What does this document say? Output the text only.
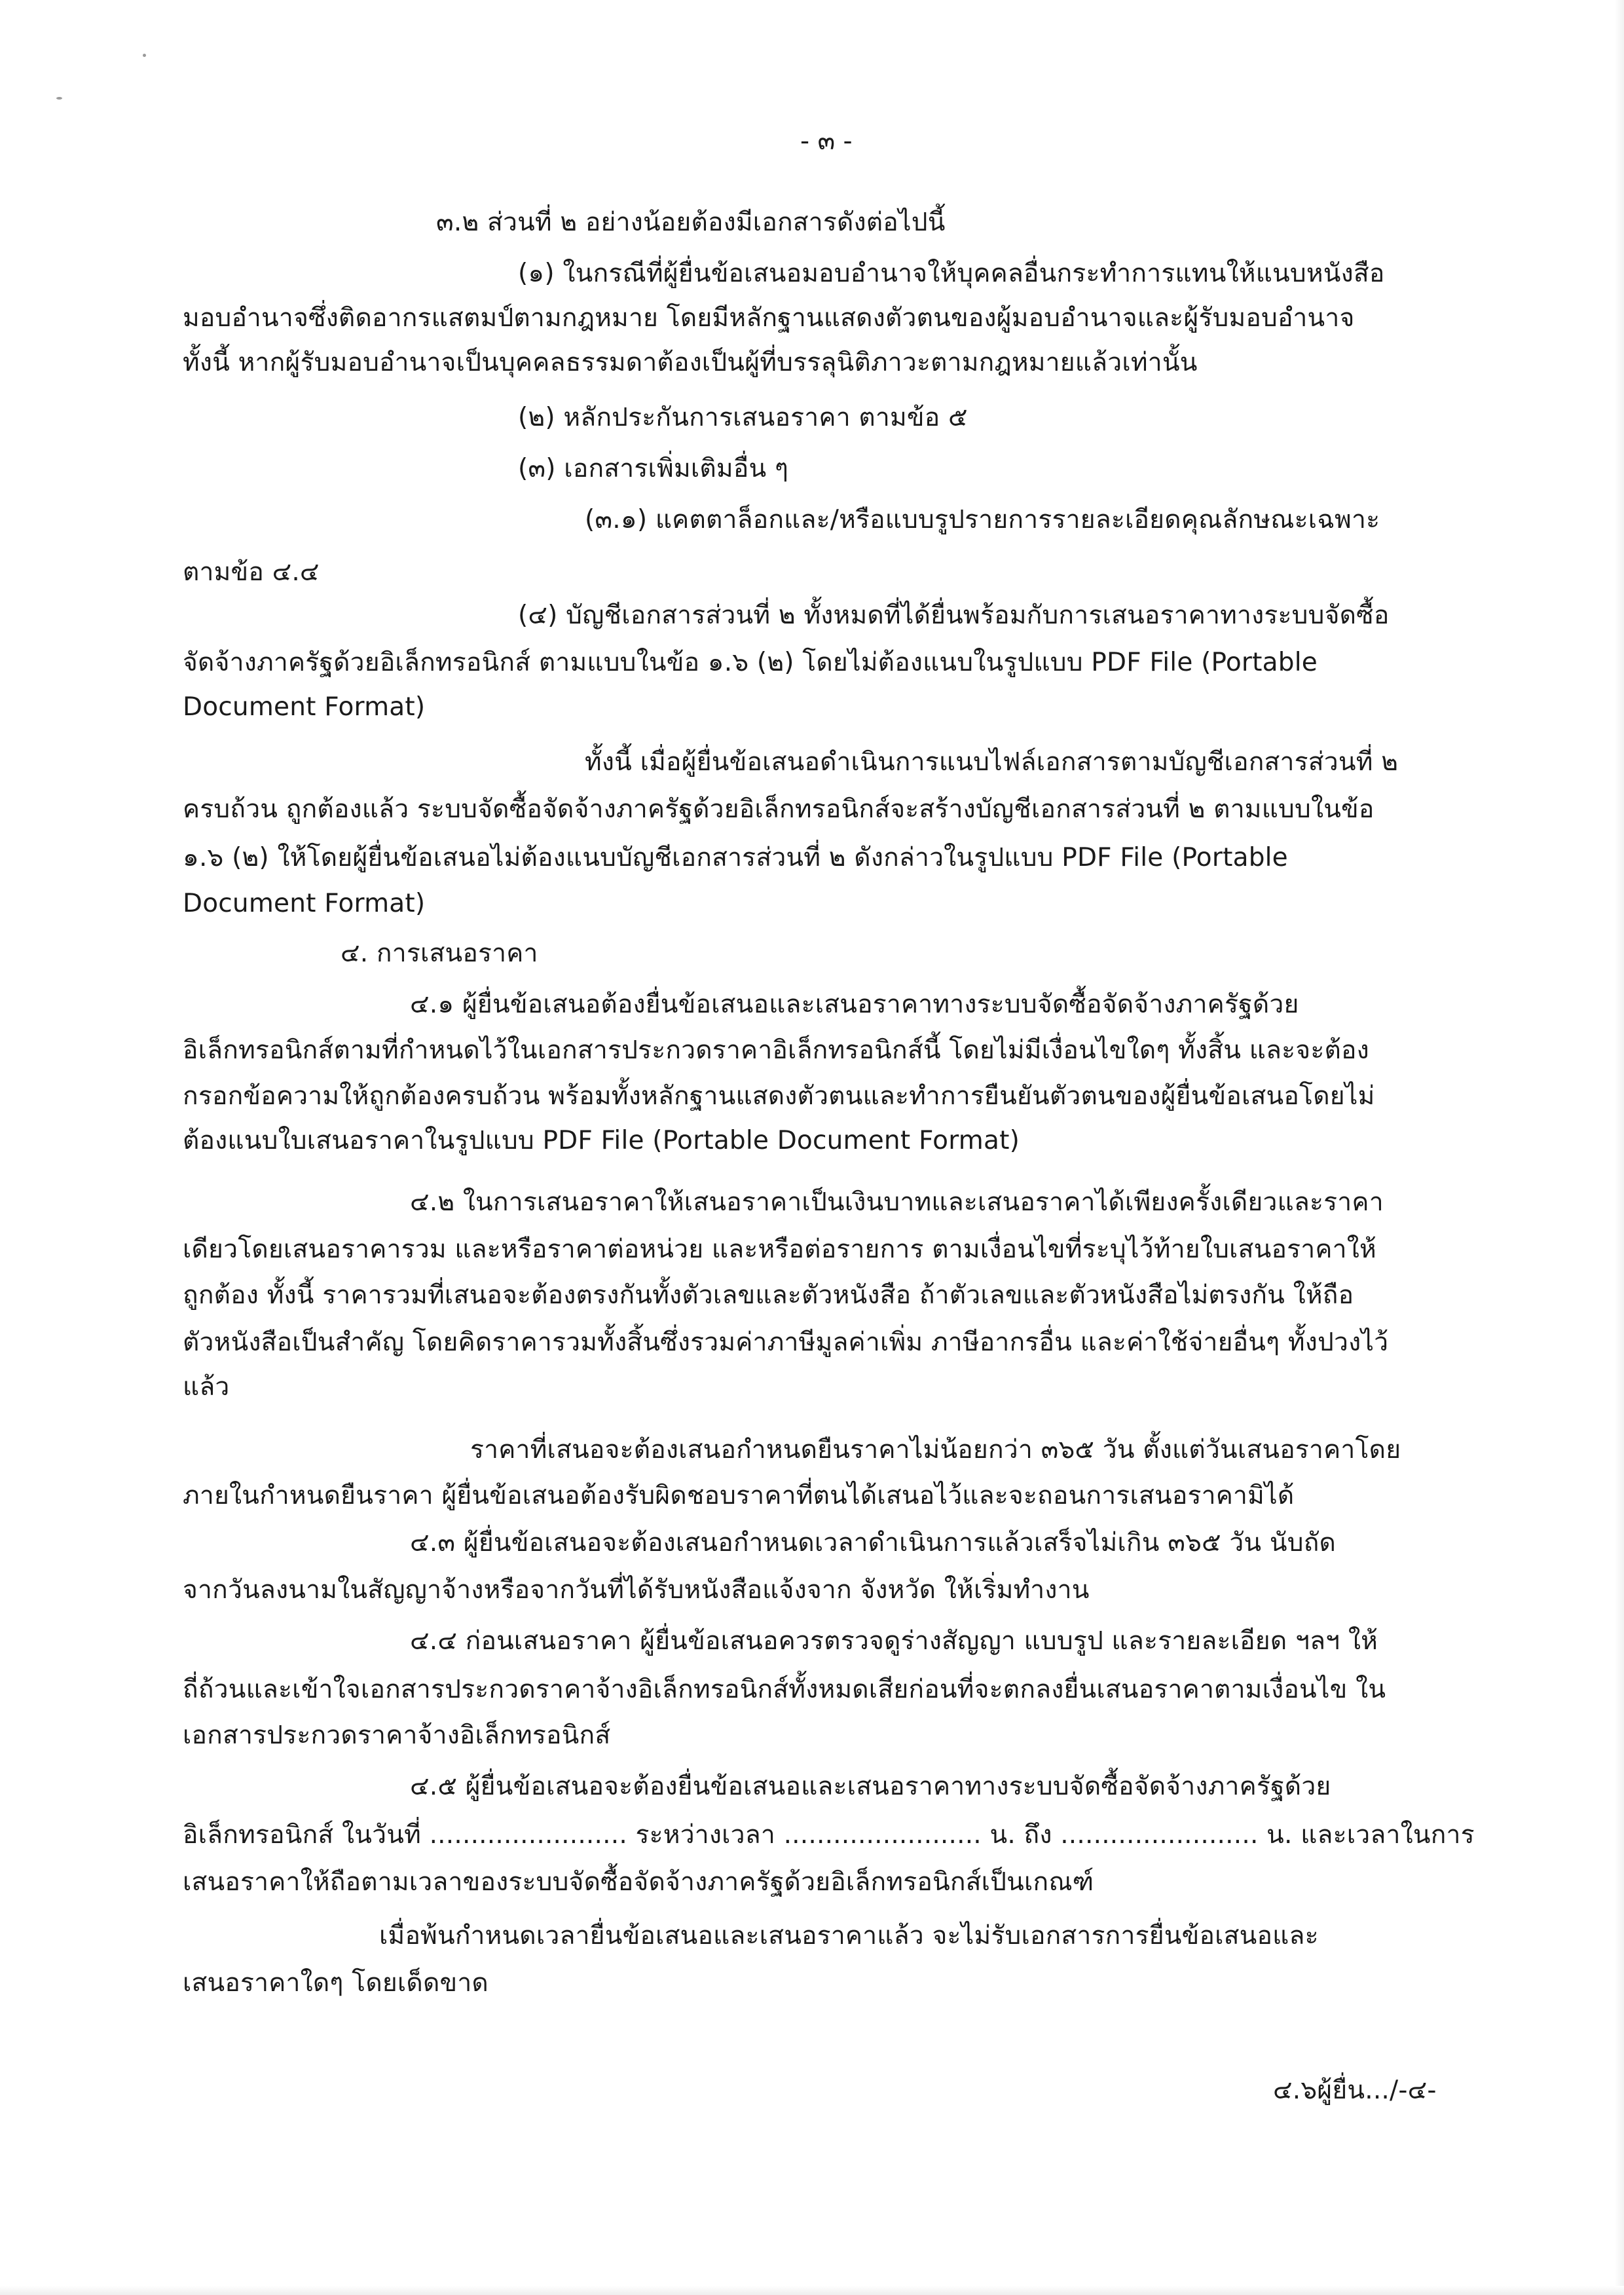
- ๓ -
๓.๒ ส่วนที่ ๒ อย่างน้อยต้องมีเอกสารดังต่อไปนี้
(๑) ในกรณีที่ผู้ยื่นข้อเสนอมอบอำนาจให้บุคคลอื่นกระทำการแทนให้แนบหนังสือ
มอบอำนาจซึ่งติดอากรแสตมป์ตามกฎหมาย โดยมีหลักฐานแสดงตัวตนของผู้มอบอำนาจและผู้รับมอบอำนาจ
ทั้งนี้ หากผู้รับมอบอำนาจเป็นบุคคลธรรมดาต้องเป็นผู้ที่บรรลุนิติภาวะตามกฎหมายแล้วเท่านั้น
(๒) หลักประกันการเสนอราคา ตามข้อ ๕
(๓) เอกสารเพิ่มเติมอื่น ๆ
(๓.๑) แคตตาล็อกและ/หรือแบบรูปรายการรายละเอียดคุณลักษณะเฉพาะ
ตามข้อ ๔.๔
(๔) บัญชีเอกสารส่วนที่ ๒ ทั้งหมดที่ได้ยื่นพร้อมกับการเสนอราคาทางระบบจัดซื้อ
จัดจ้างภาครัฐด้วยอิเล็กทรอนิกส์ ตามแบบในข้อ ๑.๖ (๒) โดยไม่ต้องแนบในรูปแบบ PDF File (Portable
Document Format)
ทั้งนี้ เมื่อผู้ยื่นข้อเสนอดำเนินการแนบไฟล์เอกสารตามบัญชีเอกสารส่วนที่ ๒
ครบถ้วน ถูกต้องแล้ว ระบบจัดซื้อจัดจ้างภาครัฐด้วยอิเล็กทรอนิกส์จะสร้างบัญชีเอกสารส่วนที่ ๒ ตามแบบในข้อ
๑.๖ (๒) ให้โดยผู้ยื่นข้อเสนอไม่ต้องแนบบัญชีเอกสารส่วนที่ ๒ ดังกล่าวในรูปแบบ PDF File (Portable
Document Format)
๔. การเสนอราคา
๔.๑ ผู้ยื่นข้อเสนอต้องยื่นข้อเสนอและเสนอราคาทางระบบจัดซื้อจัดจ้างภาครัฐด้วย
อิเล็กทรอนิกส์ตามที่กำหนดไว้ในเอกสารประกวดราคาอิเล็กทรอนิกส์นี้ โดยไม่มีเงื่อนไขใดๆ ทั้งสิ้น และจะต้อง
กรอกข้อความให้ถูกต้องครบถ้วน พร้อมทั้งหลักฐานแสดงตัวตนและทำการยืนยันตัวตนของผู้ยื่นข้อเสนอโดยไม่
ต้องแนบใบเสนอราคาในรูปแบบ PDF File (Portable Document Format)
๔.๒ ในการเสนอราคาให้เสนอราคาเป็นเงินบาทและเสนอราคาได้เพียงครั้งเดียวและราคา
เดียวโดยเสนอราคารวม และหรือราคาต่อหน่วย และหรือต่อรายการ ตามเงื่อนไขที่ระบุไว้ท้ายใบเสนอราคาให้
ถูกต้อง ทั้งนี้ ราคารวมที่เสนอจะต้องตรงกันทั้งตัวเลขและตัวหนังสือ ถ้าตัวเลขและตัวหนังสือไม่ตรงกัน ให้ถือ
ตัวหนังสือเป็นสำคัญ โดยคิดราคารวมทั้งสิ้นซึ่งรวมค่าภาษีมูลค่าเพิ่ม ภาษีอากรอื่น และค่าใช้จ่ายอื่นๆ ทั้งปวงไว้
แล้ว
ราคาที่เสนอจะต้องเสนอกำหนดยืนราคาไม่น้อยกว่า ๓๖๕ วัน ตั้งแต่วันเสนอราคาโดย
ภายในกำหนดยืนราคา ผู้ยื่นข้อเสนอต้องรับผิดชอบราคาที่ตนได้เสนอไว้และจะถอนการเสนอราคามิได้
๔.๓ ผู้ยื่นข้อเสนอจะต้องเสนอกำหนดเวลาดำเนินการแล้วเสร็จไม่เกิน ๓๖๕ วัน นับถัด
จากวันลงนามในสัญญาจ้างหรือจากวันที่ได้รับหนังสือแจ้งจาก จังหวัด ให้เริ่มทำงาน
๔.๔ ก่อนเสนอราคา ผู้ยื่นข้อเสนอควรตรวจดูร่างสัญญา แบบรูป และรายละเอียด ฯลฯ ให้
ถี่ถ้วนและเข้าใจเอกสารประกวดราคาจ้างอิเล็กทรอนิกส์ทั้งหมดเสียก่อนที่จะตกลงยื่นเสนอราคาตามเงื่อนไข ใน
เอกสารประกวดราคาจ้างอิเล็กทรอนิกส์
๔.๕ ผู้ยื่นข้อเสนอจะต้องยื่นข้อเสนอและเสนอราคาทางระบบจัดซื้อจัดจ้างภาครัฐด้วย
อิเล็กทรอนิกส์ ในวันที่ ........................ ระหว่างเวลา ........................ น. ถึง ........................ น. และเวลาในการ
เสนอราคาให้ถือตามเวลาของระบบจัดซื้อจัดจ้างภาครัฐด้วยอิเล็กทรอนิกส์เป็นเกณฑ์
เมื่อพ้นกำหนดเวลายื่นข้อเสนอและเสนอราคาแล้ว จะไม่รับเอกสารการยื่นข้อเสนอและ
เสนอราคาใดๆ โดยเด็ดขาด
๔.๖ผู้ยื่น.../-๔-
